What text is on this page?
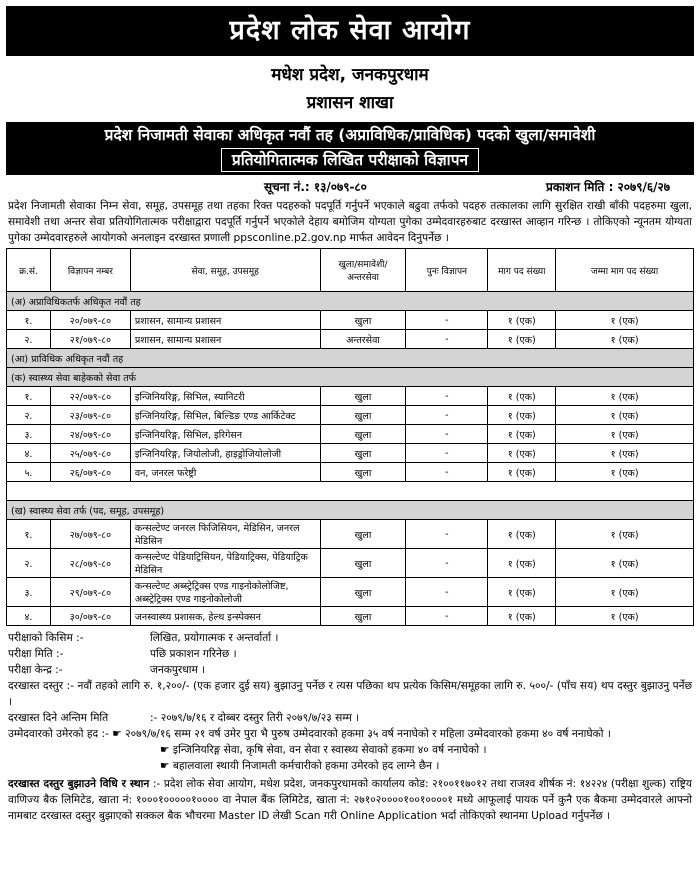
प्रदेश लोक सेवा आयोग
मधेश प्रदेश, जनकपुरधाम
प्रशासन शाखा
प्रदेश निजामती सेवाका अधिकृत नवौं तह (अप्राविधिक/प्राविधिक) पदको खुला/समावेशी
प्रतियोगितात्मक लिखित परीक्षाको विज्ञापन
सूचना नं.: १३/०७९-८०	प्रकाशन मिति : २०७९/६/२७
प्रदेश निजामती सेवाका निम्न सेवा, समूह, उपसमूह तथा तहका रिक्त पदहरुको पदपूर्ति गर्नुपर्ने भएकाले बढुवा तर्फको पदहरु तत्कालका लागि सुरक्षित राखी बाँकी पदहरुमा खुला, समावेशी तथा अन्तर सेवा प्रतियोगितात्मक परीक्षाद्वारा पदपूर्ति गर्नुपर्ने भएकोले देहाय बमोजिम योग्यता पुगेका उम्मेदवारहरुबाट दरखास्त आव्हान गरिन्छ । तोकिएको न्यूनतम योग्यता पुगेका उम्मेदवारहरुले आयोगको अनलाइन दरखास्त प्रणाली ppsconline.p2.gov.np मार्फत आवेदन दिनुपर्नेछ ।
क्र.सं.	विज्ञापन नम्बर	सेवा, समूह, उपसमूह	खुला/समावेशी/ अन्तरसेवा	पुनः विज्ञापन	माग पद संख्या	जम्मा माग पद संख्या
(अ) अप्राविधिकतर्फ अधिकृत नवौं तह						
१.	२०/०७९-८०	प्रशासन, सामान्य प्रशासन	खुला	-	१ (एक)	१ (एक)
२.	२१/०७९-८०	प्रशासन, सामान्य प्रशासन	अन्तरसेवा	-	१ (एक)	१ (एक)
(आ) प्राविधिक अधिकृत नवौं तह						
(क) स्वास्थ्य सेवा बाहेकको सेवा तर्फ						
१.	२२/०७९-८०	इन्जिनियरिङ्ग, सिभिल, स्यानिटरी	खुला	-	१ (एक)	१ (एक)
२.	२३/०७९-८०	इन्जिनियरिङ्ग, सिभिल, बिल्डिङ एण्ड आर्किटेक्ट	खुला	-	१ (एक)	१ (एक)
३.	२४/०७९-८०	इन्जिनियरिङ्ग, सिभिल, इरिगेसन	खुला	-	१ (एक)	१ (एक)
४.	२५/०७९-८०	इन्जिनियरिङ्ग, जियोलोजी, हाइड्रोजियोलोजी	खुला	-	१ (एक)	१ (एक)
५.	२६/०७९-८०	वन, जनरल फरेष्ट्री	खुला	-	१ (एक)	१ (एक)

(ख) स्वास्थ्य सेवा तर्फ (पद, समूह, उपसमूह)						
१.	२७/०७९-८०	कन्सल्टेण्ट जनरल फिजिसियन, मेडिसिन, जनरल मेडिसिन	खुला	-	१ (एक)	१ (एक)
२.	२८/०७९-८०	कन्सल्टेण्ट पेडियाट्रिसियन, पेडियाट्रिक्स, पेडियाट्रिक मेडिसिन	खुला	-	१ (एक)	१ (एक)
३.	२९/०७९-८०	कन्सल्टेण्ट अब्स्ट्रेट्रिक्स एण्ड गाइनोकोलोजिष्ट, अब्स्ट्रेट्रिक्स एण्ड गाइनोकोलोजी	खुला	-	१ (एक)	१ (एक)
४.	३०/०७९-८०	जनस्वास्थ्य प्रशासक, हेल्थ इन्स्पेक्सन	खुला	-	१ (एक)	१ (एक)
परीक्षाको किसिम :-	लिखित, प्रयोगात्मक र अन्तर्वार्ता ।
परीक्षा मिति :-	पछि प्रकाशन गरिनेछ ।
परीक्षा केन्द्र :-	जनकपुरधाम ।
दरखास्त दस्तुर :- नवौं तहको लागि रु. १,२००/- (एक हजार दुई सय) बुझाउनु पर्नेछ र त्यस पछिका थप प्रत्येक किसिम/समूहका लागि रु. ५००/- (पाँच सय) थप दस्तुर बुझाउनु पर्नेछ ।
दरखास्त दिने अन्तिम मिति	:- २०७९/७/१६ र दोब्बर दस्तुर तिरी २०७९/७/२३ सम्म ।
उम्मेदवारको उमेरको हद :- ☛ २०७९/७/१६ सम्म २१ वर्ष उमेर पुरा भै पुरुष उम्मेदवारको हकमा ३५ वर्ष ननाघेको र महिला उम्मेदवारको हकमा ४० वर्ष ननाघेको ।
☛ इन्जिनियरिङ्ग सेवा, कृषि सेवा, वन सेवा र स्वास्थ्य सेवाको हकमा ४० वर्ष ननाघेको ।
☛ बहालवाला स्थायी निजामती कर्मचारीको हकमा उमेरको हद लाग्ने छैन ।
दरखास्त दस्तुर बुझाउने विधि र स्थान :- प्रदेश लोक सेवा आयोग, मधेश प्रदेश, जनकपुरधामको कार्यालय कोड: २१००११७०१२ तथा राजश्व शीर्षक नं: १४२२४ (परीक्षा शुल्क) राष्ट्रिय वाणिज्य बैक लिमिटेड, खाता नं: १०००१०००००१०००० वा नेपाल बैंक लिमिटेड, खाता नं: २७१०२००००१००१००००१ मध्ये आफूलाई पायक पर्ने कुनै एक बैकमा उम्मेदवारले आफ्नो नामबाट दरखास्त दस्तुर बुझाएको सक्कल बैक भौचरमा Master ID लेखी Scan गरी Online Application भर्दा तोकिएको स्थानमा Upload गर्नुपर्नेछ ।
